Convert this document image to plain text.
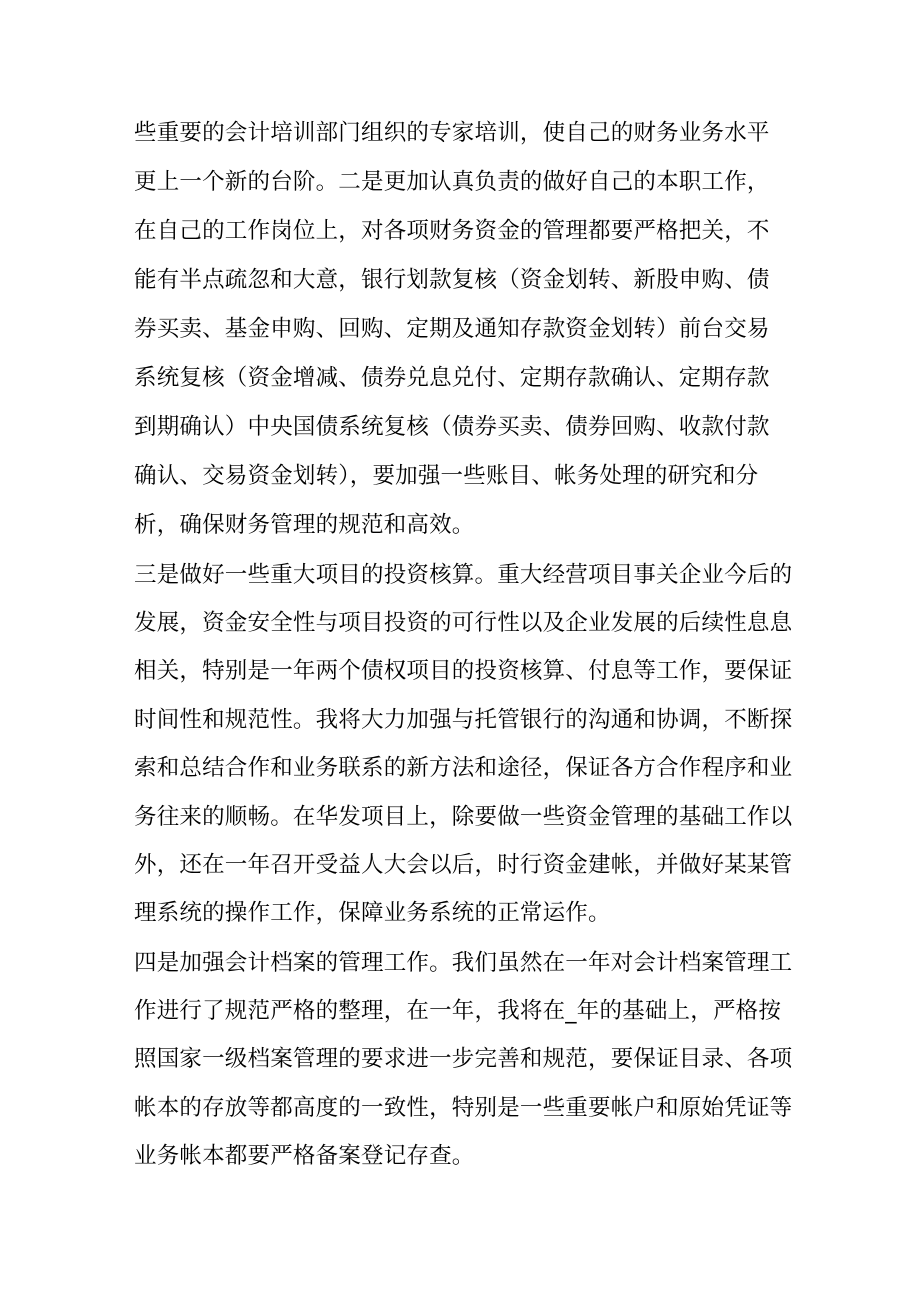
些重要的会计培训部门组织的专家培训，使自己的财务业务水平
更上一个新的台阶。二是更加认真负责的做好自己的本职工作，
在自己的工作岗位上，对各项财务资金的管理都要严格把关，不
能有半点疏忽和大意，银行划款复核（资金划转、新股申购、债
券买卖、基金申购、回购、定期及通知存款资金划转）前台交易
系统复核（资金增减、债券兑息兑付、定期存款确认、定期存款
到期确认）中央国债系统复核（债券买卖、债券回购、收款付款
确认、交易资金划转），要加强一些账目、帐务处理的研究和分
析，确保财务管理的规范和高效。
三是做好一些重大项目的投资核算。重大经营项目事关企业今后的
发展，资金安全性与项目投资的可行性以及企业发展的后续性息息
相关，特别是一年两个债权项目的投资核算、付息等工作，要保证
时间性和规范性。我将大力加强与托管银行的沟通和协调，不断探
索和总结合作和业务联系的新方法和途径，保证各方合作程序和业
务往来的顺畅。在华发项目上，除要做一些资金管理的基础工作以
外，还在一年召开受益人大会以后，时行资金建帐，并做好某某管
理系统的操作工作，保障业务系统的正常运作。
四是加强会计档案的管理工作。我们虽然在一年对会计档案管理工
作进行了规范严格的整理，在一年，我将在_年的基础上，严格按
照国家一级档案管理的要求进一步完善和规范，要保证目录、各项
帐本的存放等都高度的一致性，特别是一些重要帐户和原始凭证等
业务帐本都要严格备案登记存查。
